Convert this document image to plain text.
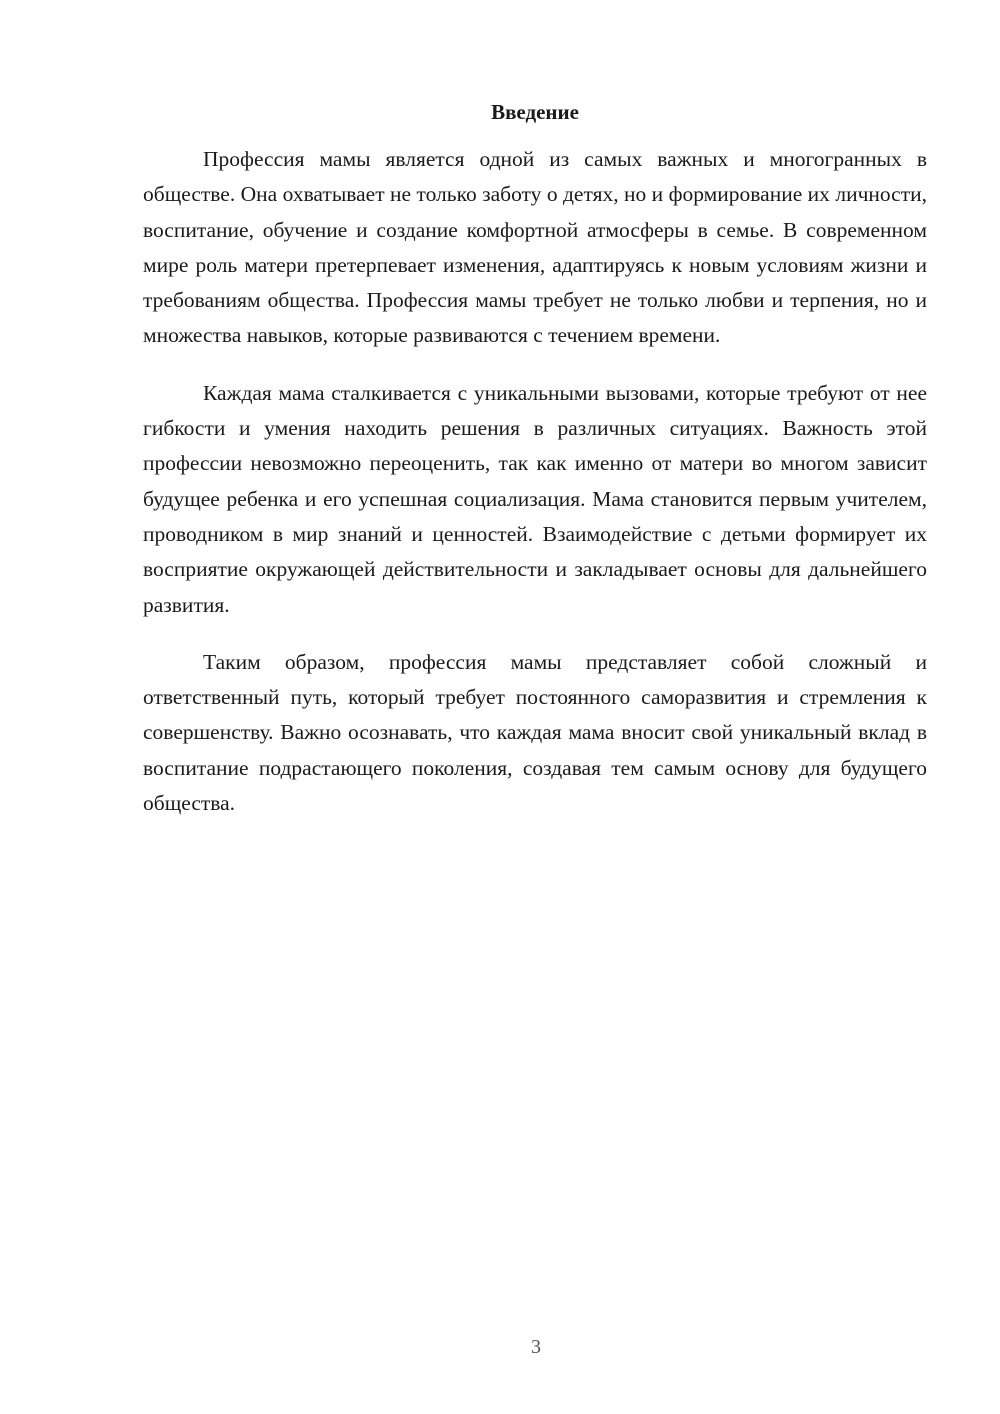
Введение

Профессия мамы является одной из самых важных и многогранных в обществе. Она охватывает не только заботу о детях, но и формирование их личности, воспитание, обучение и создание комфортной атмосферы в семье. В современном мире роль матери претерпевает изменения, адаптируясь к новым условиям жизни и требованиям общества. Профессия мамы требует не только любви и терпения, но и множества навыков, которые развиваются с течением времени.

Каждая мама сталкивается с уникальными вызовами, которые требуют от нее гибкости и умения находить решения в различных ситуациях. Важность этой профессии невозможно переоценить, так как именно от матери во многом зависит будущее ребенка и его успешная социализация. Мама становится первым учителем, проводником в мир знаний и ценностей. Взаимодействие с детьми формирует их восприятие окружающей действительности и закладывает основы для дальнейшего развития.

Таким образом, профессия мамы представляет собой сложный и ответственный путь, который требует постоянного саморазвития и стремления к совершенству. Важно осознавать, что каждая мама вносит свой уникальный вклад в воспитание подрастающего поколения, создавая тем самым основу для будущего общества.

3
